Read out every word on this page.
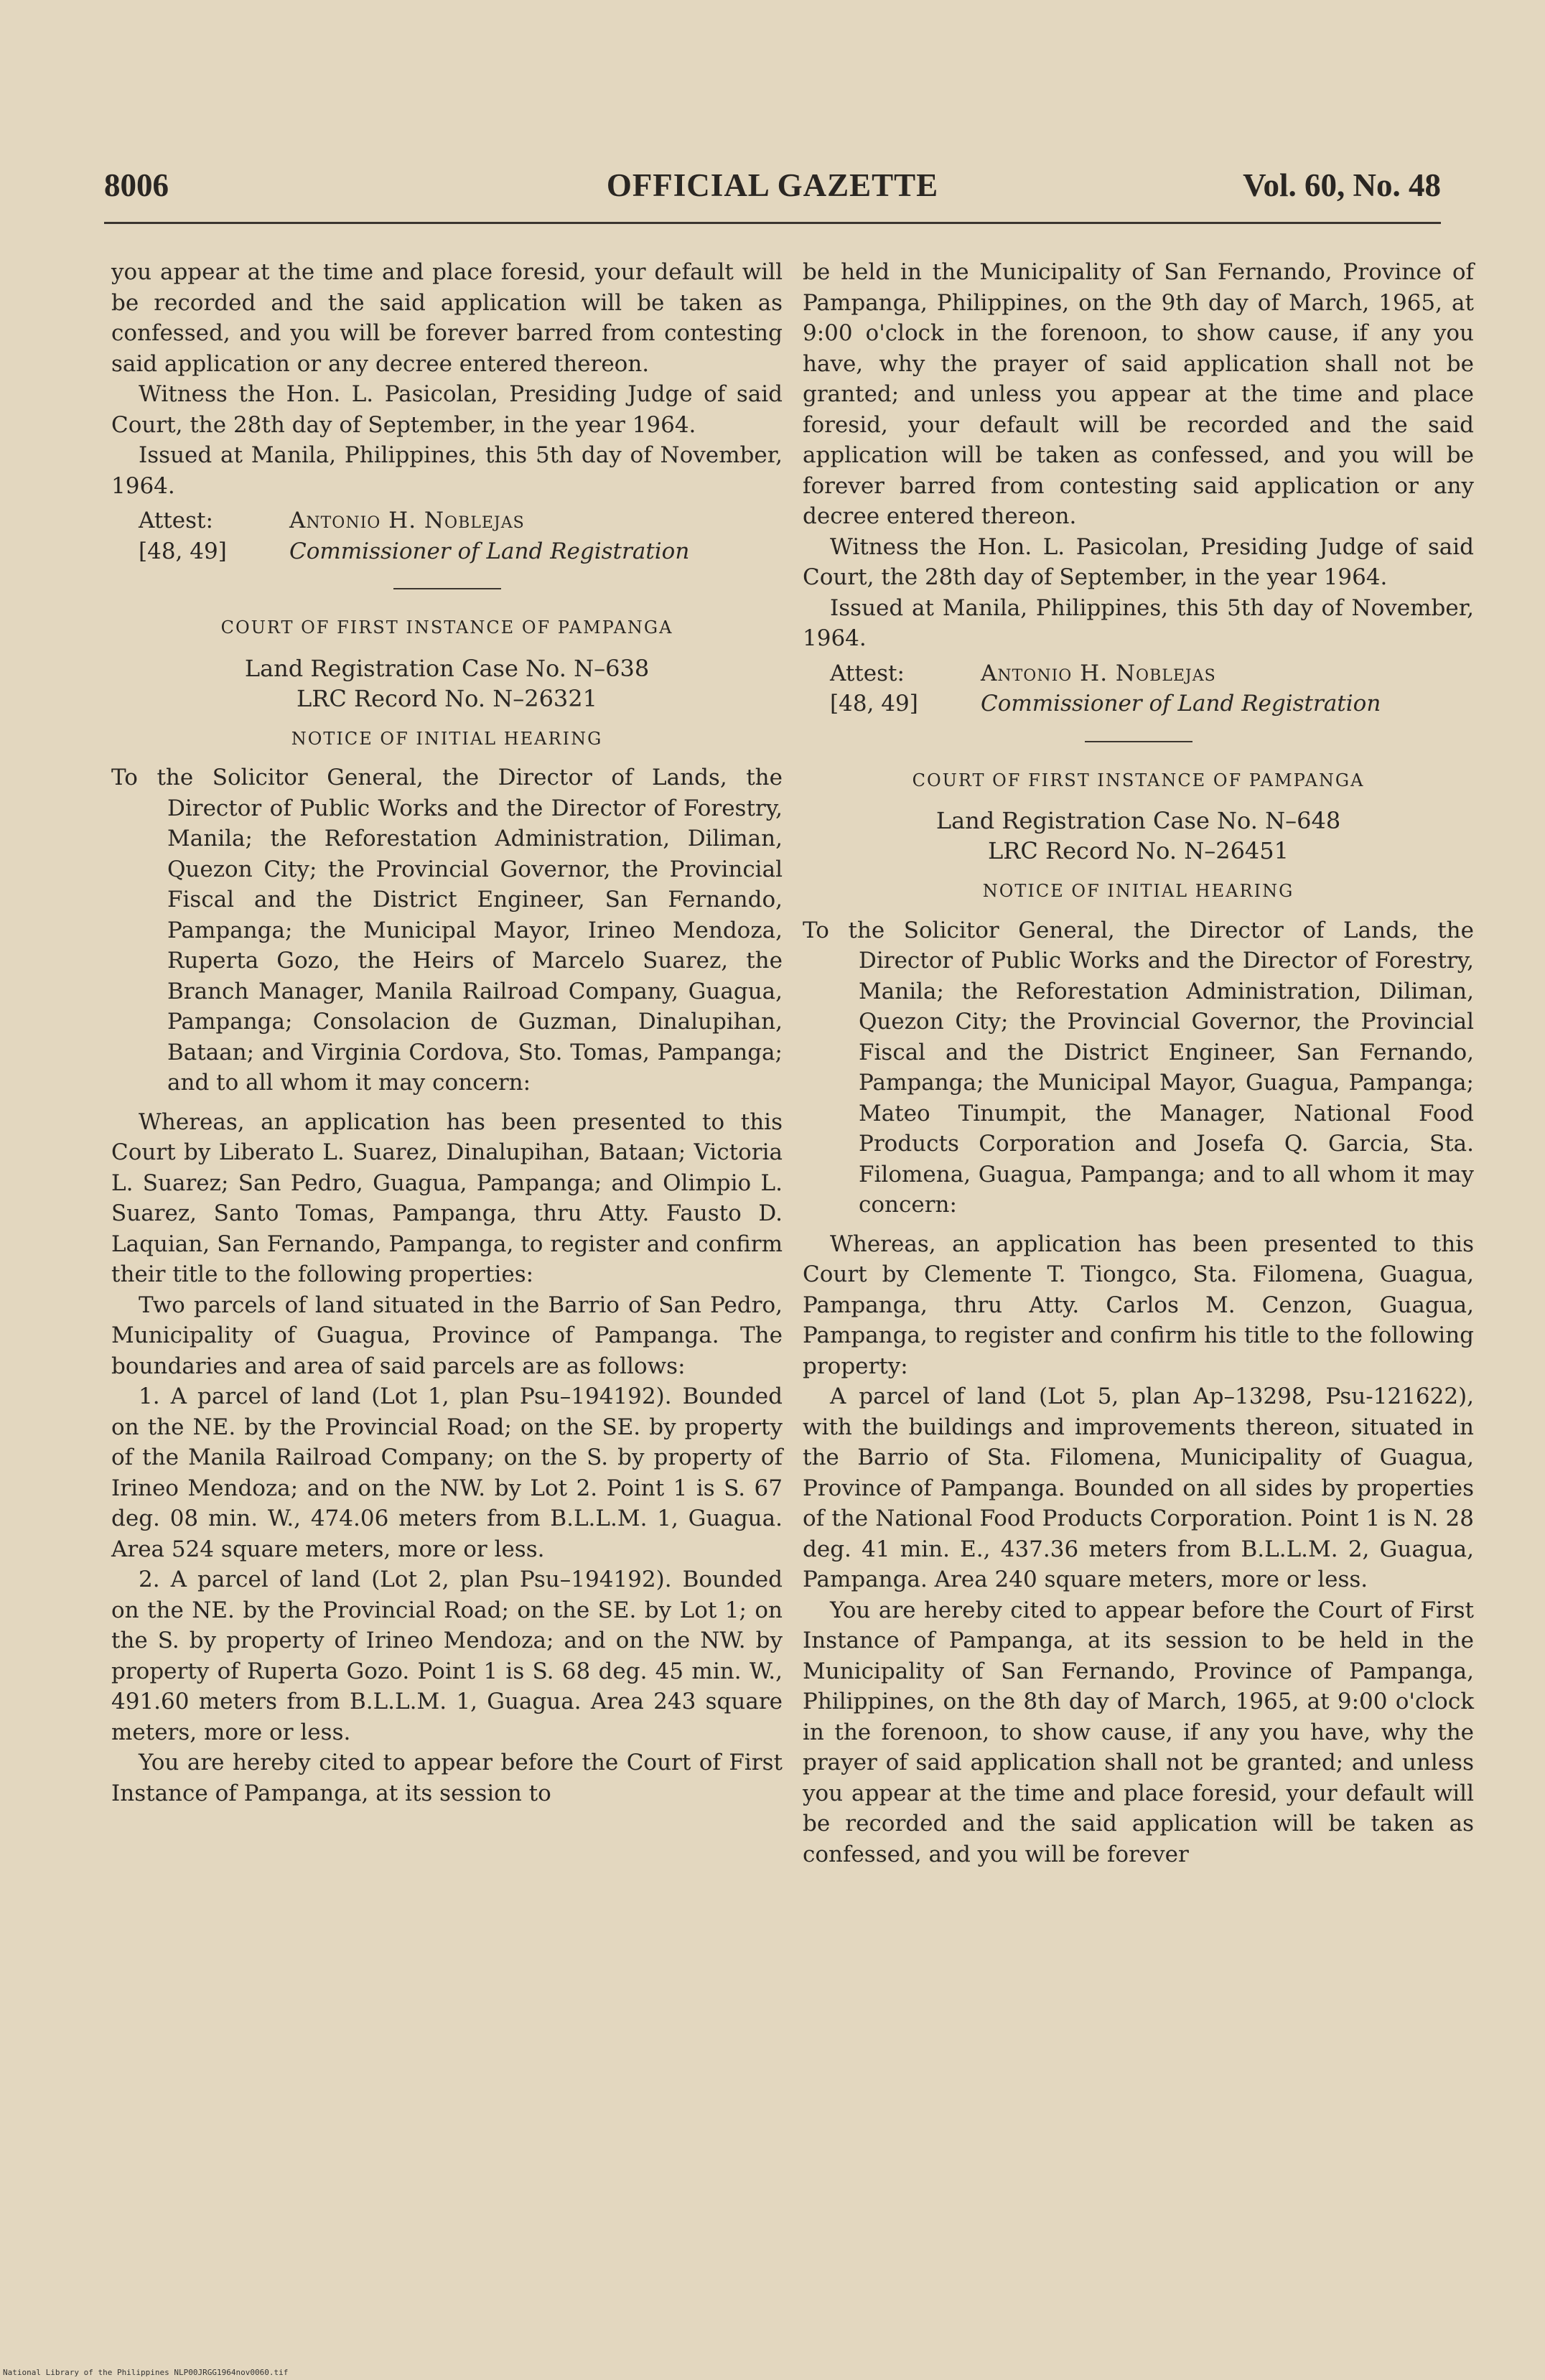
8006	OFFICIAL GAZETTE	Vol. 60, No. 48

you appear at the time and place foresid, your default will be recorded and the said application will be taken as confessed, and you will be forever barred from contesting said application or any decree entered thereon.

Witness the Hon. L. Pasicolan, Presiding Judge of said Court, the 28th day of September, in the year 1964.

Issued at Manila, Philippines, this 5th day of November, 1964.

Attest:	Antonio H. Noblejas
[48, 49]	Commissioner of Land Registration
COURT OF FIRST INSTANCE OF PAMPANGA
Land Registration Case No. N–638
LRC Record No. N–26321
NOTICE OF INITIAL HEARING

To the Solicitor General, the Director of Lands, the Director of Public Works and the Director of Forestry, Manila; the Reforestation Administration, Diliman, Quezon City; the Provincial Governor, the Provincial Fiscal and the District Engineer, San Fernando, Pampanga; the Municipal Mayor, Irineo Mendoza, Ruperta Gozo, the Heirs of Marcelo Suarez, the Branch Manager, Manila Railroad Company, Guagua, Pampanga; Consolacion de Guzman, Dinalupihan, Bataan; and Virginia Cordova, Sto. Tomas, Pampanga; and to all whom it may concern:

Whereas, an application has been presented to this Court by Liberato L. Suarez, Dinalupihan, Bataan; Victoria L. Suarez; San Pedro, Guagua, Pampanga; and Olimpio L. Suarez, Santo Tomas, Pampanga, thru Atty. Fausto D. Laquian, San Fernando, Pampanga, to register and confirm their title to the following properties:

Two parcels of land situated in the Barrio of San Pedro, Municipality of Guagua, Province of Pampanga. The boundaries and area of said parcels are as follows:

1. A parcel of land (Lot 1, plan Psu–194192). Bounded on the NE. by the Provincial Road; on the SE. by property of the Manila Railroad Company; on the S. by property of Irineo Mendoza; and on the NW. by Lot 2. Point 1 is S. 67 deg. 08 min. W., 474.06 meters from B.L.L.M. 1, Guagua. Area 524 square meters, more or less.

2. A parcel of land (Lot 2, plan Psu–194192). Bounded on the NE. by the Provincial Road; on the SE. by Lot 1; on the S. by property of Irineo Mendoza; and on the NW. by property of Ruperta Gozo. Point 1 is S. 68 deg. 45 min. W., 491.60 meters from B.L.L.M. 1, Guagua. Area 243 square meters, more or less.

You are hereby cited to appear before the Court of First Instance of Pampanga, at its session to

be held in the Municipality of San Fernando, Province of Pampanga, Philippines, on the 9th day of March, 1965, at 9:00 o'clock in the forenoon, to show cause, if any you have, why the prayer of said application shall not be granted; and unless you appear at the time and place foresid, your default will be recorded and the said application will be taken as confessed, and you will be forever barred from contesting said application or any decree entered thereon.

Witness the Hon. L. Pasicolan, Presiding Judge of said Court, the 28th day of September, in the year 1964.

Issued at Manila, Philippines, this 5th day of November, 1964.

Attest:	Antonio H. Noblejas
[48, 49]	Commissioner of Land Registration
COURT OF FIRST INSTANCE OF PAMPANGA
Land Registration Case No. N–648
LRC Record No. N–26451
NOTICE OF INITIAL HEARING

To the Solicitor General, the Director of Lands, the Director of Public Works and the Director of Forestry, Manila; the Reforestation Administration, Diliman, Quezon City; the Provincial Governor, the Provincial Fiscal and the District Engineer, San Fernando, Pampanga; the Municipal Mayor, Guagua, Pampanga; Mateo Tinumpit, the Manager, National Food Products Corporation and Josefa Q. Garcia, Sta. Filomena, Guagua, Pampanga; and to all whom it may concern:

Whereas, an application has been presented to this Court by Clemente T. Tiongco, Sta. Filomena, Guagua, Pampanga, thru Atty. Carlos M. Cenzon, Guagua, Pampanga, to register and confirm his title to the following property:

A parcel of land (Lot 5, plan Ap–13298, Psu-121622), with the buildings and improvements thereon, situated in the Barrio of Sta. Filomena, Municipality of Guagua, Province of Pampanga. Bounded on all sides by properties of the National Food Products Corporation. Point 1 is N. 28 deg. 41 min. E., 437.36 meters from B.L.L.M. 2, Guagua, Pampanga. Area 240 square meters, more or less.

You are hereby cited to appear before the Court of First Instance of Pampanga, at its session to be held in the Municipality of San Fernando, Province of Pampanga, Philippines, on the 8th day of March, 1965, at 9:00 o'clock in the forenoon, to show cause, if any you have, why the prayer of said application shall not be granted; and unless you appear at the time and place foresid, your default will be recorded and the said application will be taken as confessed, and you will be forever

National Library of the Philippines NLP00JRGG1964nov0060.tif
